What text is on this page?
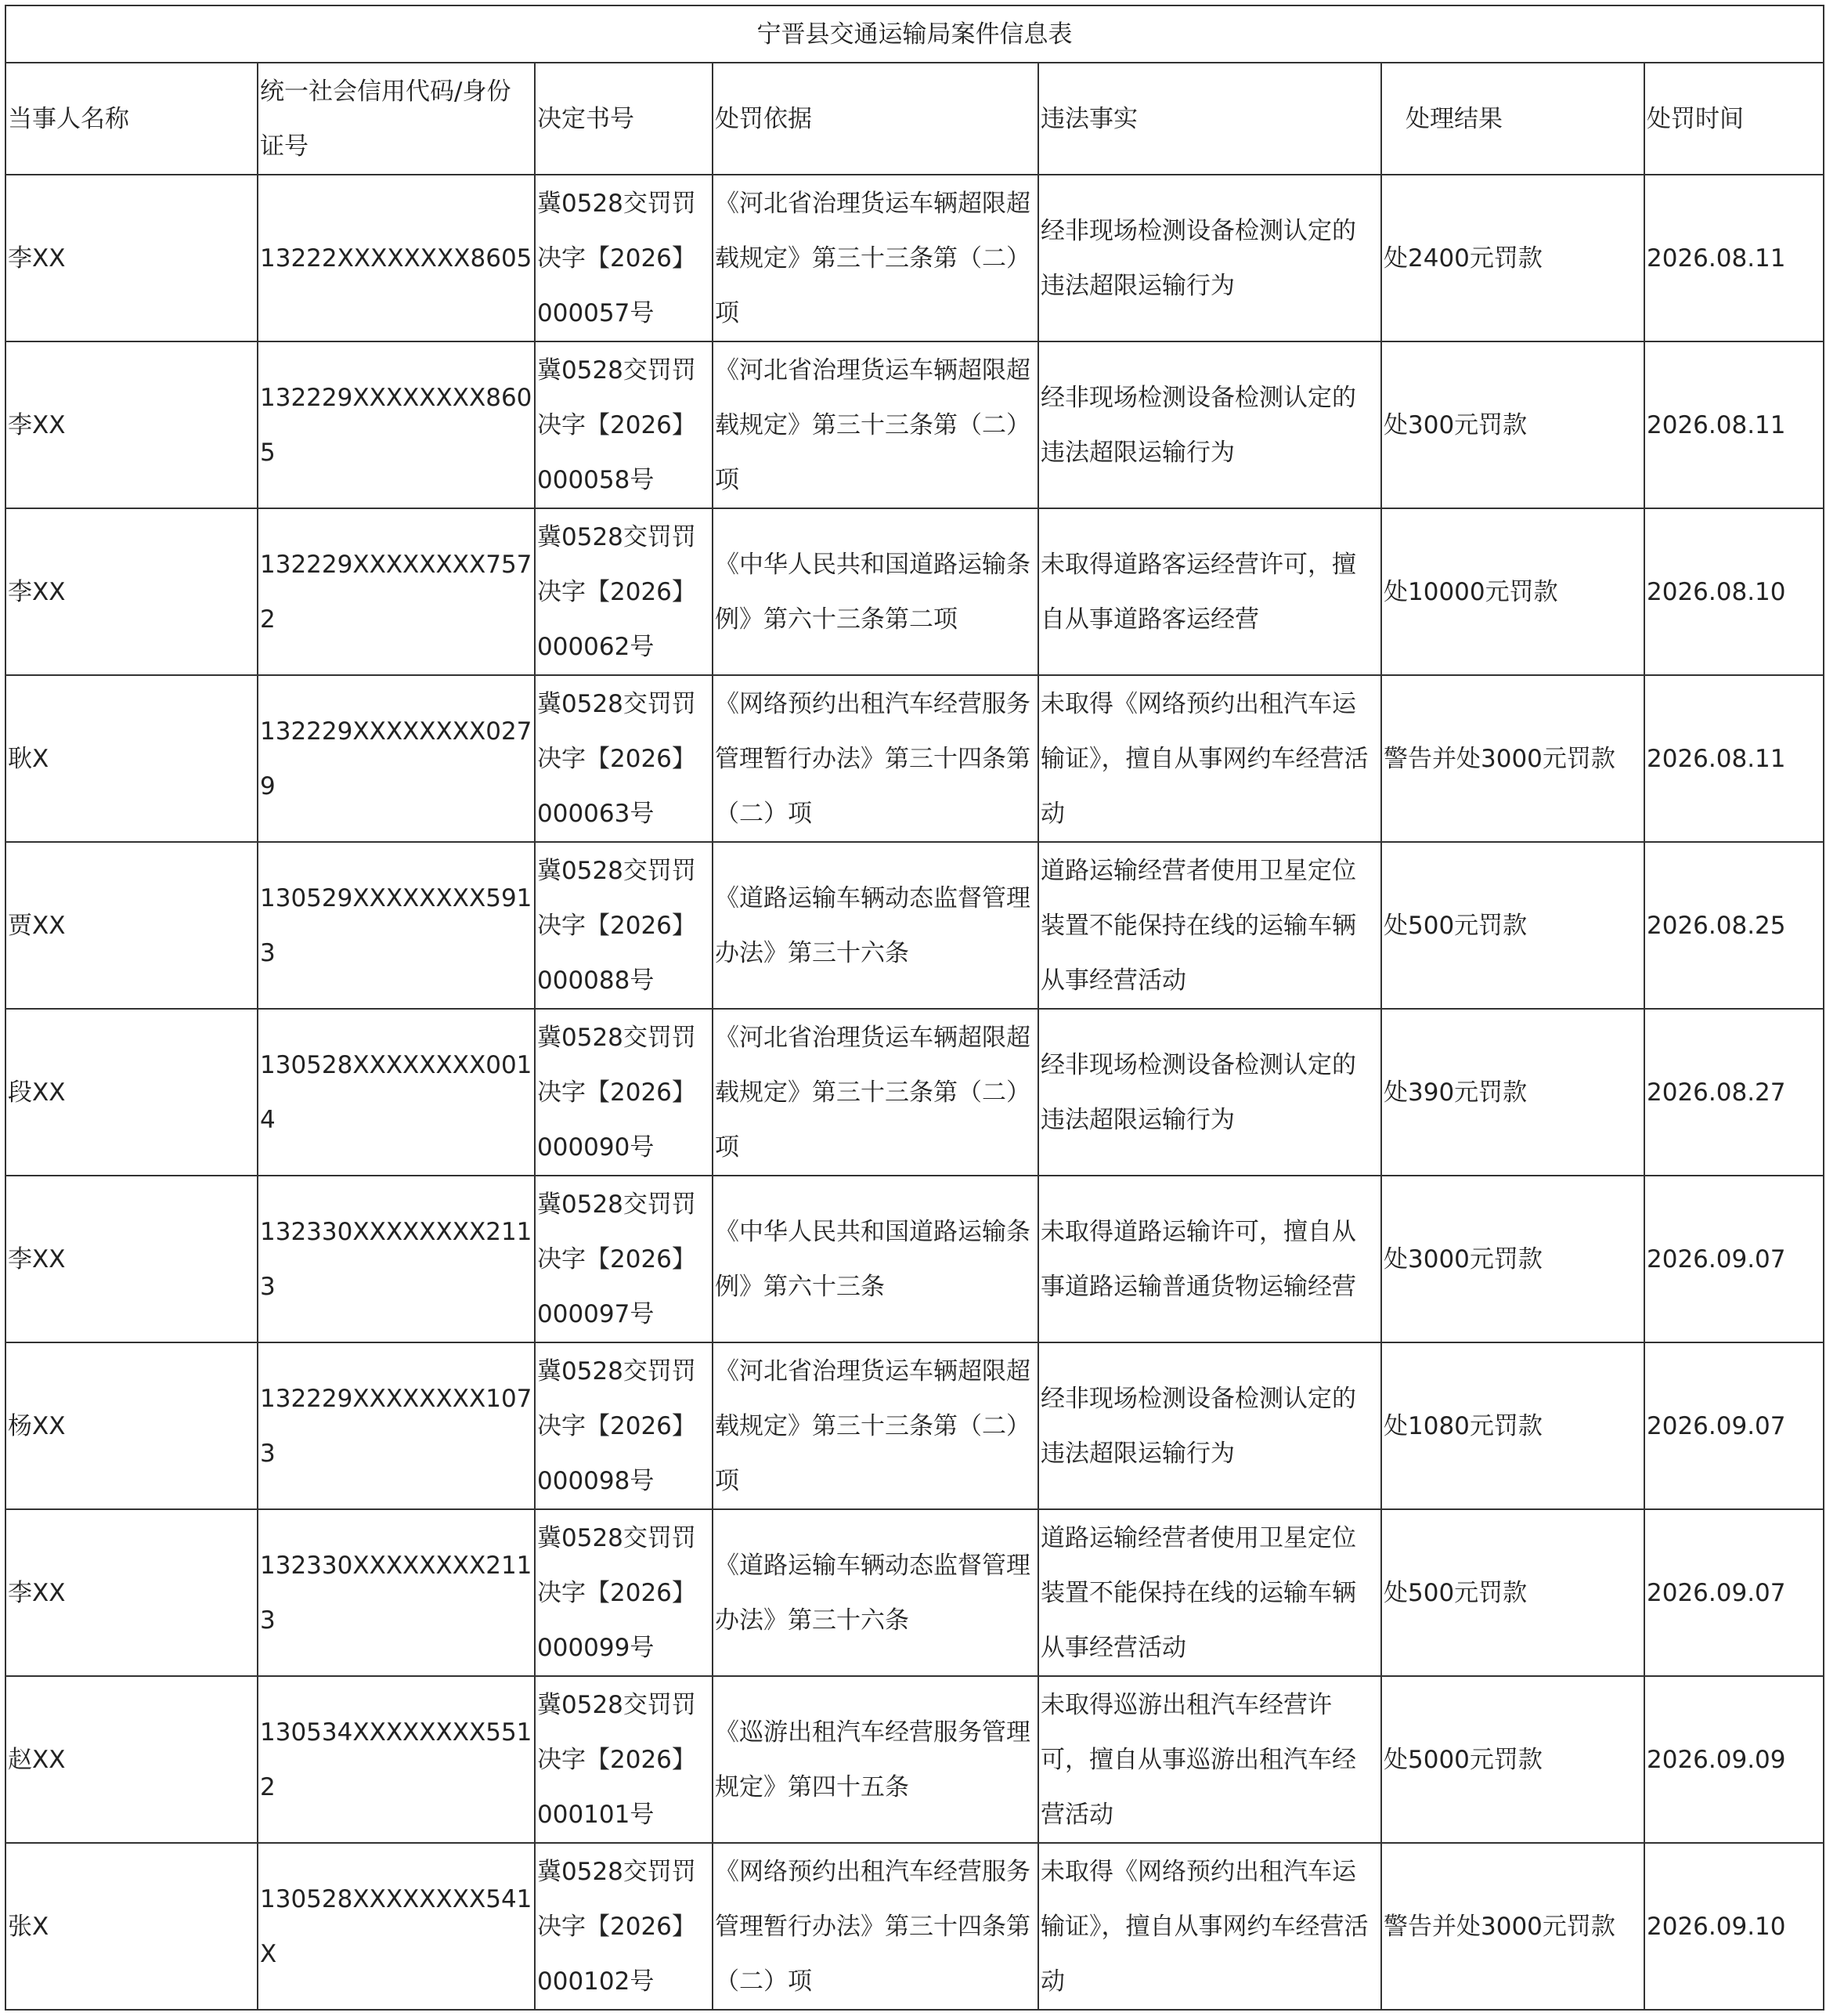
宁晋县交通运输局案件信息表						
当事人名称	统一社会信用代码/身份证号	决定书号	处罚依据	违法事实	处理结果	处罚时间
李XX	13222XXXXXXXX8605	冀0528交罚罚决字【2026】000057号	《河北省治理货运车辆超限超载规定》第三十三条第（二）项	经非现场检测设备检测认定的违法超限运输行为	处2400元罚款	2026.08.11
李XX	132229XXXXXXXX8605	冀0528交罚罚决字【2026】000058号	《河北省治理货运车辆超限超载规定》第三十三条第（二）项	经非现场检测设备检测认定的违法超限运输行为	处300元罚款	2026.08.11
李XX	132229XXXXXXXX7572	冀0528交罚罚决字【2026】000062号	《中华人民共和国道路运输条例》第六十三条第二项	未取得道路客运经营许可，擅自从事道路客运经营	处10000元罚款	2026.08.10
耿X	132229XXXXXXXX0279	冀0528交罚罚决字【2026】000063号	《网络预约出租汽车经营服务管理暂行办法》第三十四条第（二）项	未取得《网络预约出租汽车运输证》，擅自从事网约车经营活动	警告并处3000元罚款	2026.08.11
贾XX	130529XXXXXXXX5913	冀0528交罚罚决字【2026】000088号	《道路运输车辆动态监督管理办法》第三十六条	道路运输经营者使用卫星定位装置不能保持在线的运输车辆从事经营活动	处500元罚款	2026.08.25
段XX	130528XXXXXXXX0014	冀0528交罚罚决字【2026】000090号	《河北省治理货运车辆超限超载规定》第三十三条第（二）项	经非现场检测设备检测认定的违法超限运输行为	处390元罚款	2026.08.27
李XX	132330XXXXXXXX2113	冀0528交罚罚决字【2026】000097号	《中华人民共和国道路运输条例》第六十三条	未取得道路运输许可，擅自从事道路运输普通货物运输经营	处3000元罚款	2026.09.07
杨XX	132229XXXXXXXX1073	冀0528交罚罚决字【2026】000098号	《河北省治理货运车辆超限超载规定》第三十三条第（二）项	经非现场检测设备检测认定的违法超限运输行为	处1080元罚款	2026.09.07
李XX	132330XXXXXXXX2113	冀0528交罚罚决字【2026】000099号	《道路运输车辆动态监督管理办法》第三十六条	道路运输经营者使用卫星定位装置不能保持在线的运输车辆从事经营活动	处500元罚款	2026.09.07
赵XX	130534XXXXXXXX5512	冀0528交罚罚决字【2026】000101号	《巡游出租汽车经营服务管理规定》第四十五条	未取得巡游出租汽车经营许可，擅自从事巡游出租汽车经营活动	处5000元罚款	2026.09.09
张X	130528XXXXXXXX541X	冀0528交罚罚决字【2026】000102号	《网络预约出租汽车经营服务管理暂行办法》第三十四条第（二）项	未取得《网络预约出租汽车运输证》，擅自从事网约车经营活动	警告并处3000元罚款	2026.09.10
